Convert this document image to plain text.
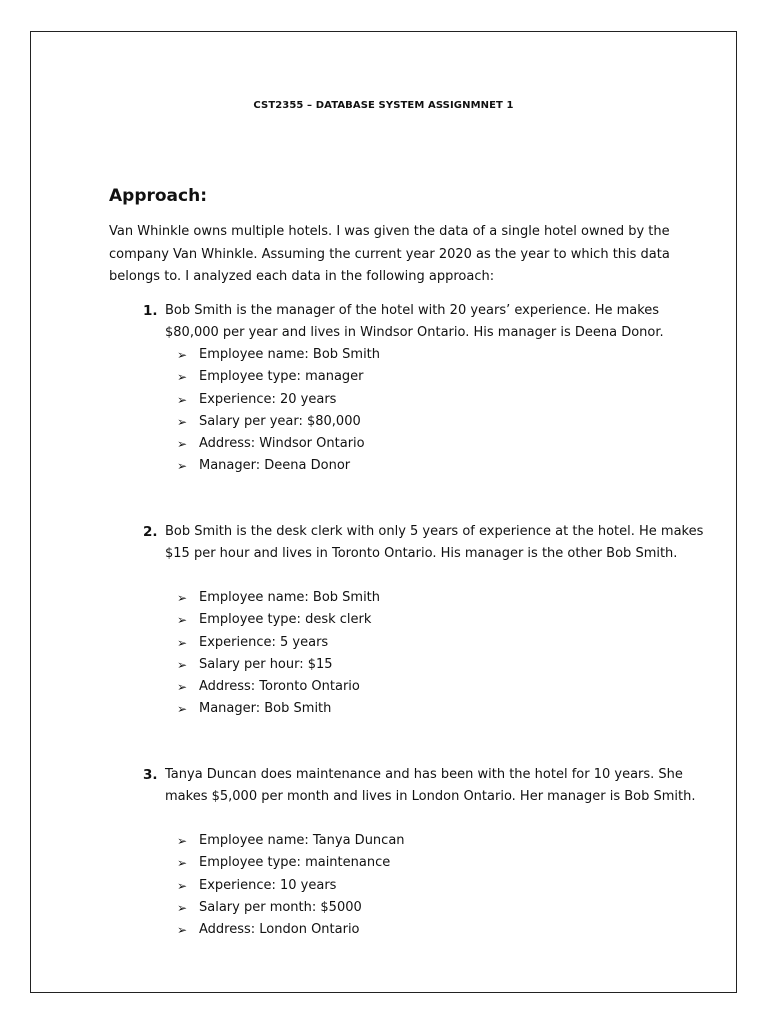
CST2355 – DATABASE SYSTEM ASSIGNMNET 1
Approach:
Van Whinkle owns multiple hotels. I was given the data of a single hotel owned by the company Van Whinkle. Assuming the current year 2020 as the year to which this data belongs to. I analyzed each data in the following approach:
1. Bob Smith is the manager of the hotel with 20 years’ experience. He makes $80,000 per year and lives in Windsor Ontario. His manager is Deena Donor.
➢ Employee name: Bob Smith
➢ Employee type: manager
➢ Experience: 20 years
➢ Salary per year: $80,000
➢ Address: Windsor Ontario
➢ Manager: Deena Donor
2. Bob Smith is the desk clerk with only 5 years of experience at the hotel. He makes $15 per hour and lives in Toronto Ontario. His manager is the other Bob Smith.
➢ Employee name: Bob Smith
➢ Employee type: desk clerk
➢ Experience: 5 years
➢ Salary per hour: $15
➢ Address: Toronto Ontario
➢ Manager: Bob Smith
3. Tanya Duncan does maintenance and has been with the hotel for 10 years. She makes $5,000 per month and lives in London Ontario. Her manager is Bob Smith.
➢ Employee name: Tanya Duncan
➢ Employee type: maintenance
➢ Experience: 10 years
➢ Salary per month: $5000
➢ Address: London Ontario
